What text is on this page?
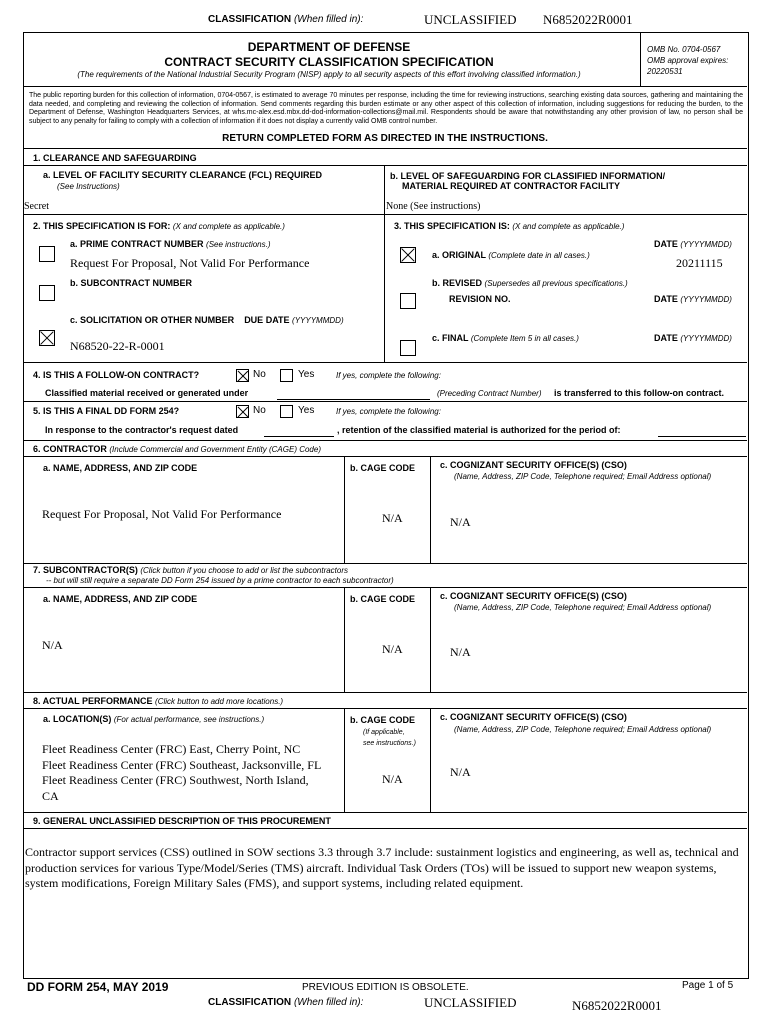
CLASSIFICATION (When filled in):	UNCLASSIFIED N6852022R0001
DEPARTMENT OF DEFENSE
CONTRACT SECURITY CLASSIFICATION SPECIFICATION
(The requirements of the National Industrial Security Program (NISP) apply to all security aspects of this effort involving classified information.)
OMB No. 0704-0567
OMB approval expires:
20220531
The public reporting burden for this collection of information, 0704-0567, is estimated to average 70 minutes per response, including the time for reviewing instructions, searching existing data sources, gathering and maintaining the data needed, and completing and reviewing the collection of information. Send comments regarding this burden estimate or any other aspect of this collection of information, including suggestions for reducing the burden, to the Department of Defense, Washington Headquarters Services, at whs.mc-alex.esd.mbx.dd-dod-information-collections@mail.mil. Respondents should be aware that notwithstanding any other provision of law, no person shall be subject to any penalty for failing to comply with a collection of information if it does not display a currently valid OMB control number.
RETURN COMPLETED FORM AS DIRECTED IN THE INSTRUCTIONS.
1. CLEARANCE AND SAFEGUARDING
a. LEVEL OF FACILITY SECURITY CLEARANCE (FCL) REQUIRED
(See Instructions)
Secret
b. LEVEL OF SAFEGUARDING FOR CLASSIFIED INFORMATION/
MATERIAL REQUIRED AT CONTRACTOR FACILITY
None (See instructions)
2. THIS SPECIFICATION IS FOR: (X and complete as applicable.)
a. PRIME CONTRACT NUMBER (See instructions.)
Request For Proposal, Not Valid For Performance
b. SUBCONTRACT NUMBER
c. SOLICITATION OR OTHER NUMBER DUE DATE (YYYYMMDD)
N68520-22-R-0001
3. THIS SPECIFICATION IS: (X and complete as applicable.)
DATE (YYYYMMDD)
a. ORIGINAL (Complete date in all cases.)
20211115
b. REVISED (Supersedes all previous specifications.)
REVISION NO.	DATE (YYYYMMDD)
c. FINAL (Complete Item 5 in all cases.)	DATE (YYYYMMDD)
4. IS THIS A FOLLOW-ON CONTRACT?	No	Yes	If yes, complete the following:
Classified material received or generated under	(Preceding Contract Number) is transferred to this follow-on contract.
5. IS THIS A FINAL DD FORM 254?	No	Yes	If yes, complete the following:
In response to the contractor's request dated	, retention of the classified material is authorized for the period of:
6. CONTRACTOR (Include Commercial and Government Entity (CAGE) Code)
a. NAME, ADDRESS, AND ZIP CODE	b. CAGE CODE	c. COGNIZANT SECURITY OFFICE(S) (CSO)
(Name, Address, ZIP Code, Telephone required; Email Address optional)
Request For Proposal, Not Valid For Performance	N/A	N/A
7. SUBCONTRACTOR(S) (Click button if you choose to add or list the subcontractors
-- but will still require a separate DD Form 254 issued by a prime contractor to each subcontractor)
a. NAME, ADDRESS, AND ZIP CODE	b. CAGE CODE	c. COGNIZANT SECURITY OFFICE(S) (CSO)
(Name, Address, ZIP Code, Telephone required; Email Address optional)
N/A	N/A	N/A
8. ACTUAL PERFORMANCE (Click button to add more locations.)
a. LOCATION(S) (For actual performance, see instructions.)	b. CAGE CODE
(If applicable,
see instructions.)
c. COGNIZANT SECURITY OFFICE(S) (CSO)
(Name, Address, ZIP Code, Telephone required; Email Address optional)
Fleet Readiness Center (FRC) East, Cherry Point, NC
Fleet Readiness Center (FRC) Southeast, Jacksonville, FL
Fleet Readiness Center (FRC) Southwest, North Island,
CA
N/A	N/A
9. GENERAL UNCLASSIFIED DESCRIPTION OF THIS PROCUREMENT
Contractor support services (CSS) outlined in SOW sections 3.3 through 3.7 include: sustainment logistics and engineering, as well as, technical and production services for various Type/Model/Series (TMS) aircraft. Individual Task Orders (TOs) will be issued to support new weapon systems, system modifications, Foreign Military Sales (FMS), and support systems, including related equipment.
DD FORM 254, MAY 2019	PREVIOUS EDITION IS OBSOLETE.	Page 1 of 5
CLASSIFICATION (When filled in):	UNCLASSIFIED	N6852022R0001
